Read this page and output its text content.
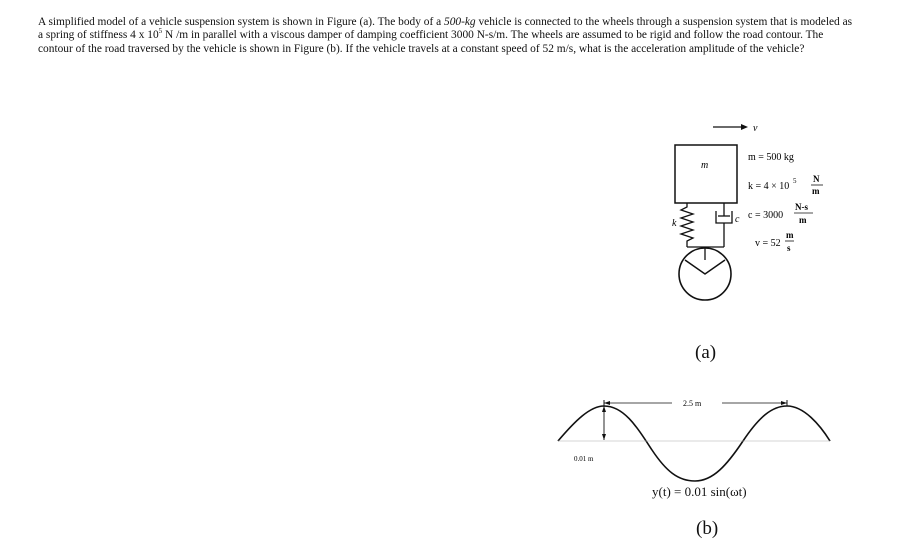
A simplified model of a vehicle suspension system is shown in Figure (a). The body of a 500-kg vehicle is connected to the wheels through a suspension system that is modeled as a spring of stiffness 4 x $10^5$ N /m in parallel with a viscous damper of damping coefficient 3000 N-s/m. The wheels are assumed to be rigid and follow the road contour. The contour of the road traversed by the vehicle is shown in Figure (b). If the vehicle travels at a constant speed of 52 m/s, what is the acceleration amplitude of the vehicle?
v
m
k	c
m = 500 kg
k = 4 × 10 5 N
m
c = 3000
N-s
m
v = 52
m
s
(a)
2.5 m
0.01 m
y(t) = 0.01 sin(ωt)
(b)
